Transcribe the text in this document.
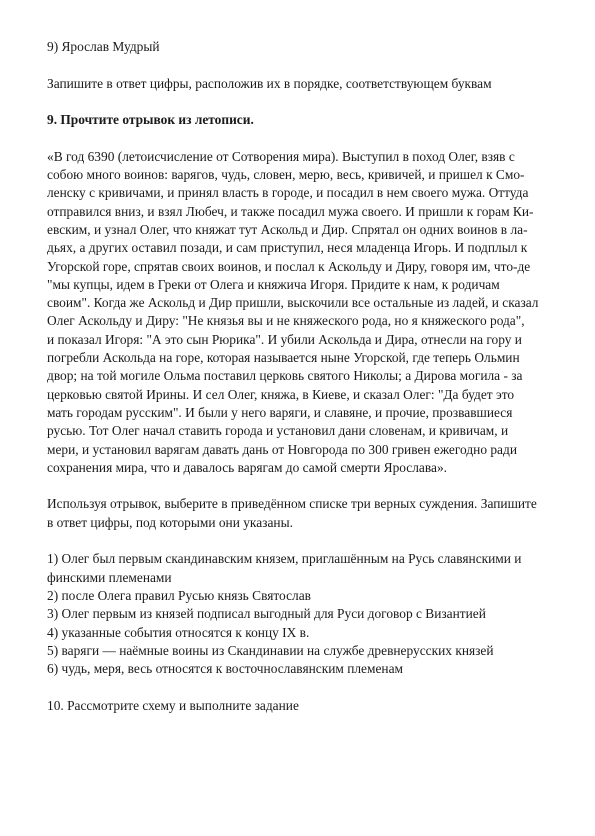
9) Ярослав Мудрый
Запишите в ответ цифры, расположив их в порядке, соответствующем буквам
9. Прочтите отрывок из летописи.
«В год 6390 (летоисчисление от Сотворения мира). Выступил в поход Олег, взяв с
собою много воинов: варягов, чудь, словен, мерю, весь, кривичей, и пришел к Смо-
ленску с кривичами, и принял власть в городе, и посадил в нем своего мужа. Оттуда
отправился вниз, и взял Любеч, и также посадил мужа своего. И пришли к горам Ки-
евским, и узнал Олег, что княжат тут Аскольд и Дир. Спрятал он одних воинов в ла-
дьях, а других оставил позади, и сам приступил, неся младенца Игорь. И подплыл к
Угорской горе, спрятав своих воинов, и послал к Аскольду и Диру, говоря им, что-де
"мы купцы, идем в Греки от Олега и княжича Игоря. Придите к нам, к родичам
своим". Когда же Аскольд и Дир пришли, выскочили все остальные из ладей, и сказал
Олег Аскольду и Диру: "Не князья вы и не княжеского рода, но я княжеского рода",
и показал Игоря: "А это сын Рюрика". И убили Аскольда и Дира, отнесли на гору и
погребли Аскольда на горе, которая называется ныне Угорской, где теперь Ольмин
двор; на той могиле Ольма поставил церковь святого Николы; а Дирова могила - за
церковью святой Ирины. И сел Олег, княжа, в Киеве, и сказал Олег: "Да будет это
мать городам русским". И были у него варяги, и славяне, и прочие, прозвавшиеся
русью. Тот Олег начал ставить города и установил дани словенам, и кривичам, и
мери, и установил варягам давать дань от Новгорода по 300 гривен ежегодно ради
сохранения мира, что и давалось варягам до самой смерти Ярослава».
Используя отрывок, выберите в приведённом списке три верных суждения. Запишите
в ответ цифры, под которыми они указаны.
1) Олег был первым скандинавским князем, приглашённым на Русь славянскими и
финскими племенами
2) после Олега правил Русью князь Святослав
3) Олег первым из князей подписал выгодный для Руси договор с Византией
4) указанные события относятся к концу IX в.
5) варяги — наёмные воины из Скандинавии на службе древнерусских князей
6) чудь, меря, весь относятся к восточнославянским племенам
10. Рассмотрите схему и выполните задание
